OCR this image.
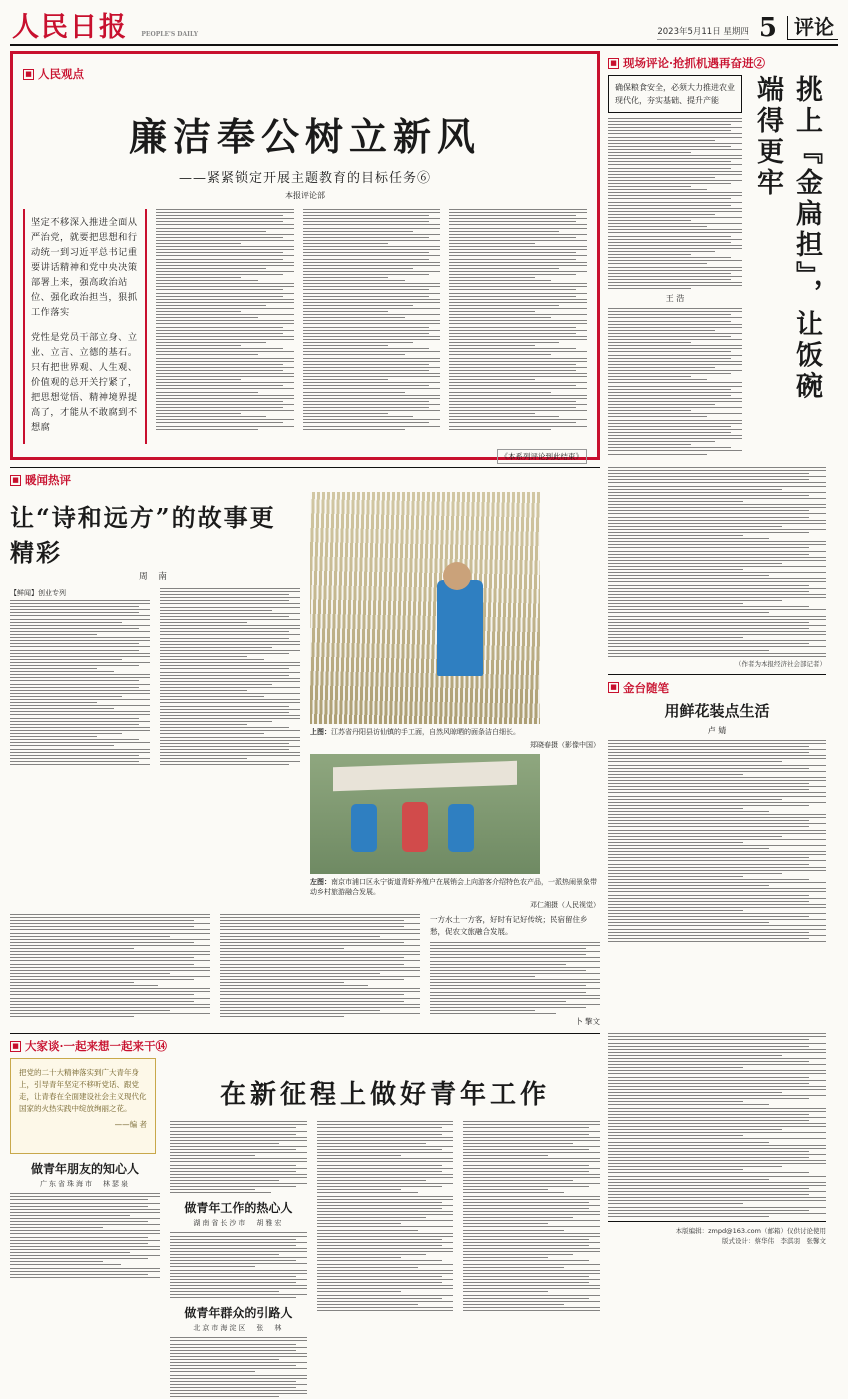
人民日报 PEOPLE'S DAILY	2023年5月11日 星期四 5 评论
■ 人民观点
廉洁奉公树立新风
——紧紧锁定开展主题教育的目标任务⑥
本报评论部

坚定不移深入推进全面从严治党，就要把思想和行动统一到习近平总书记重要讲话精神和党中央决策部署上来，强高政治站位、强化政治担当，狠抓工作落实

党性是党员干部立身、立业、立言、立德的基石。只有把世界观、人生观、价值观的总开关拧紧了，把思想觉悟、精神境界提高了，才能从不敢腐到不想腐

《本系列评论到此结束》
■ 现场评论·抢抓机遇再奋进②
确保粮食安全，必须大力推进农业现代化，夯实基础、提升产能
王 浩	挑上『金扁担』，让饭碗端得更牢
■ 暖闻热评
让“诗和远方”的故事更精彩
周 南
【鲜闻】创业专列
上图：江苏省丹阳县访仙镇的手工面，自然风晾晒的面条洁白细长。
郑晓春摄（影像中国）
左图：南京市浦口区永宁街道青虾养殖户在展销会上向游客介绍特色农产品，一派热闹景象带动乡村旅游融合发展。
邓仁湘摄（人民视觉）
一方水土一方客，好时有记好传统；民宿留住乡愁，促农文旅融合发展。
卜 擎文
（作者为本报经济社会部记者）
■ 金台随笔
用鲜花装点生活
卢 婧
■ 大家谈·一起来想一起来干⑭
把党的二十大精神落实到广大青年身上，引导青年坚定不移听党话、跟党走，让青春在全面建设社会主义现代化国家的火热实践中绽放绚丽之花。
——编 者
做青年朋友的知心人
广东省珠海市　林瑟泉
在新征程上做好青年工作
做青年工作的热心人
湖南省长沙市　胡雅宏
做青年群众的引路人
北京市海淀区　张　林
本版编辑：zmpd@163.com（邮箱）仅供讨论使用
版式设计：蔡华伟　李淇羽　张馨文
